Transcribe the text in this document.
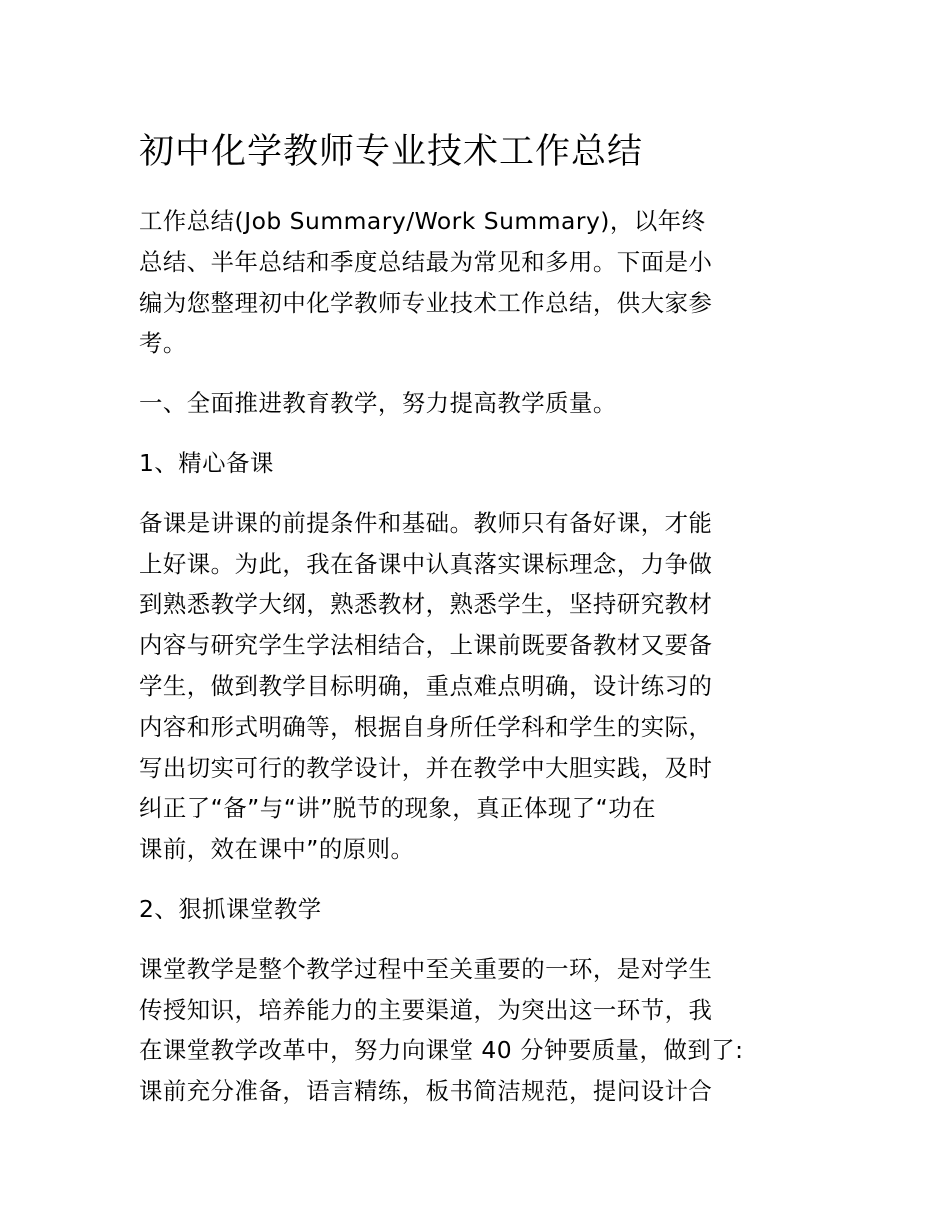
初中化学教师专业技术工作总结

工作总结(Job Summary/Work Summary)，以年终
总结、半年总结和季度总结最为常见和多用。下面是小
编为您整理初中化学教师专业技术工作总结，供大家参
考。

一、全面推进教育教学，努力提高教学质量。

1、精心备课

备课是讲课的前提条件和基础。教师只有备好课，才能
上好课。为此，我在备课中认真落实课标理念，力争做
到熟悉教学大纲，熟悉教材，熟悉学生，坚持研究教材
内容与研究学生学法相结合，上课前既要备教材又要备
学生，做到教学目标明确，重点难点明确，设计练习的
内容和形式明确等，根据自身所任学科和学生的实际，
写出切实可行的教学设计，并在教学中大胆实践，及时
纠正了“备”与“讲”脱节的现象，真正体现了“功在
课前，效在课中”的原则。

2、狠抓课堂教学

课堂教学是整个教学过程中至关重要的一环，是对学生
传授知识，培养能力的主要渠道，为突出这一环节，我
在课堂教学改革中，努力向课堂 40 分钟要质量，做到了:
课前充分准备，语言精练，板书简洁规范，提问设计合
